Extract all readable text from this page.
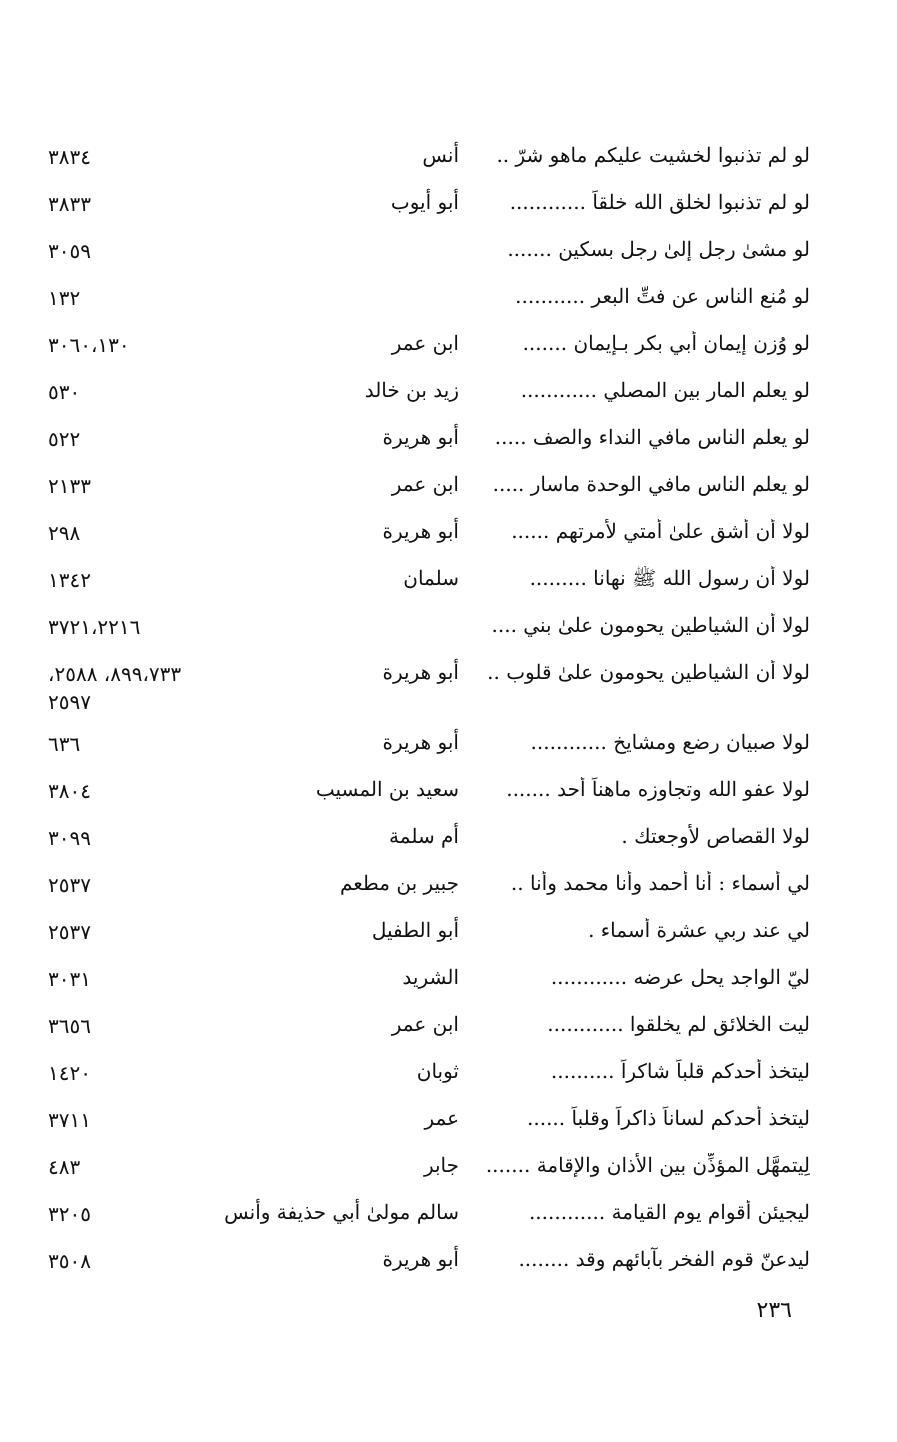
لو لم تذنبوا لخشيت عليكم ماهو شرّ ..
أنس
٣٨٣٤
لو لم تذنبوا لخلق الله خلقاً ............
أبو أيوب
٣٨٣٣
لو مشىٰ رجل إلىٰ رجل بسكين .......
٣٠٥٩
لو مُنع الناس عن فتِّ البعر ...........
١٣٢
لو وُزن إيمان أبي بكر بـإيمان .......
ابن عمر
٣٠٦٠،١٣٠
لو يعلم المار بين المصلي ............
زيد بن خالد
٥٣٠
لو يعلم الناس مافي النداء والصف .....
أبو هريرة
٥٢٢
لو يعلم الناس مافي الوحدة ماسار .....
ابن عمر
٢١٣٣
لولا أن أشق علىٰ أمتي لأمرتهم ......
أبو هريرة
٢٩٨
لولا أن رسول الله ﷺ نهانا .........
سلمان
١٣٤٢
لولا أن الشياطين يحومون علىٰ بني ....
٣٧٢١،٢٢١٦
لولا أن الشياطين يحومون علىٰ قلوب ..
أبو هريرة
٨٩٩،٧٣٣، ٢٥٨٨، ٢٥٩٧
لولا صبيان رضع ومشايخ ............
أبو هريرة
٦٣٦
لولا عفو الله وتجاوزه ماهناً أحد .......
سعيد بن المسيب
٣٨٠٤
لولا القصاص لأوجعتك .
أم سلمة
٣٠٩٩
لي أسماء : أنا أحمد وأنا محمد وأنا ..
جبير بن مطعم
٢٥٣٧
لي عند ربي عشرة أسماء .
أبو الطفيل
٢٥٣٧
ليّ الواجد يحل عرضه ............
الشريد
٣٠٣١
ليت الخلائق لم يخلقوا ............
ابن عمر
٣٦٥٦
ليتخذ أحدكم قلباً شاكراً ..........
ثوبان
١٤٢٠
ليتخذ أحدكم لساناً ذاكراً وقلباً ......
عمر
٣٧١١
لِيتمهَّل المؤذِّن بين الأذان والإقامة .......
جابر
٤٨٣
ليجيئن أقوام يوم القيامة ............
سالم مولىٰ أبي حذيفة وأنس
٣٢٠٥
ليدعنّ قوم الفخر بآبائهم وقد ........
أبو هريرة
٣٥٠٨
٢٣٦
